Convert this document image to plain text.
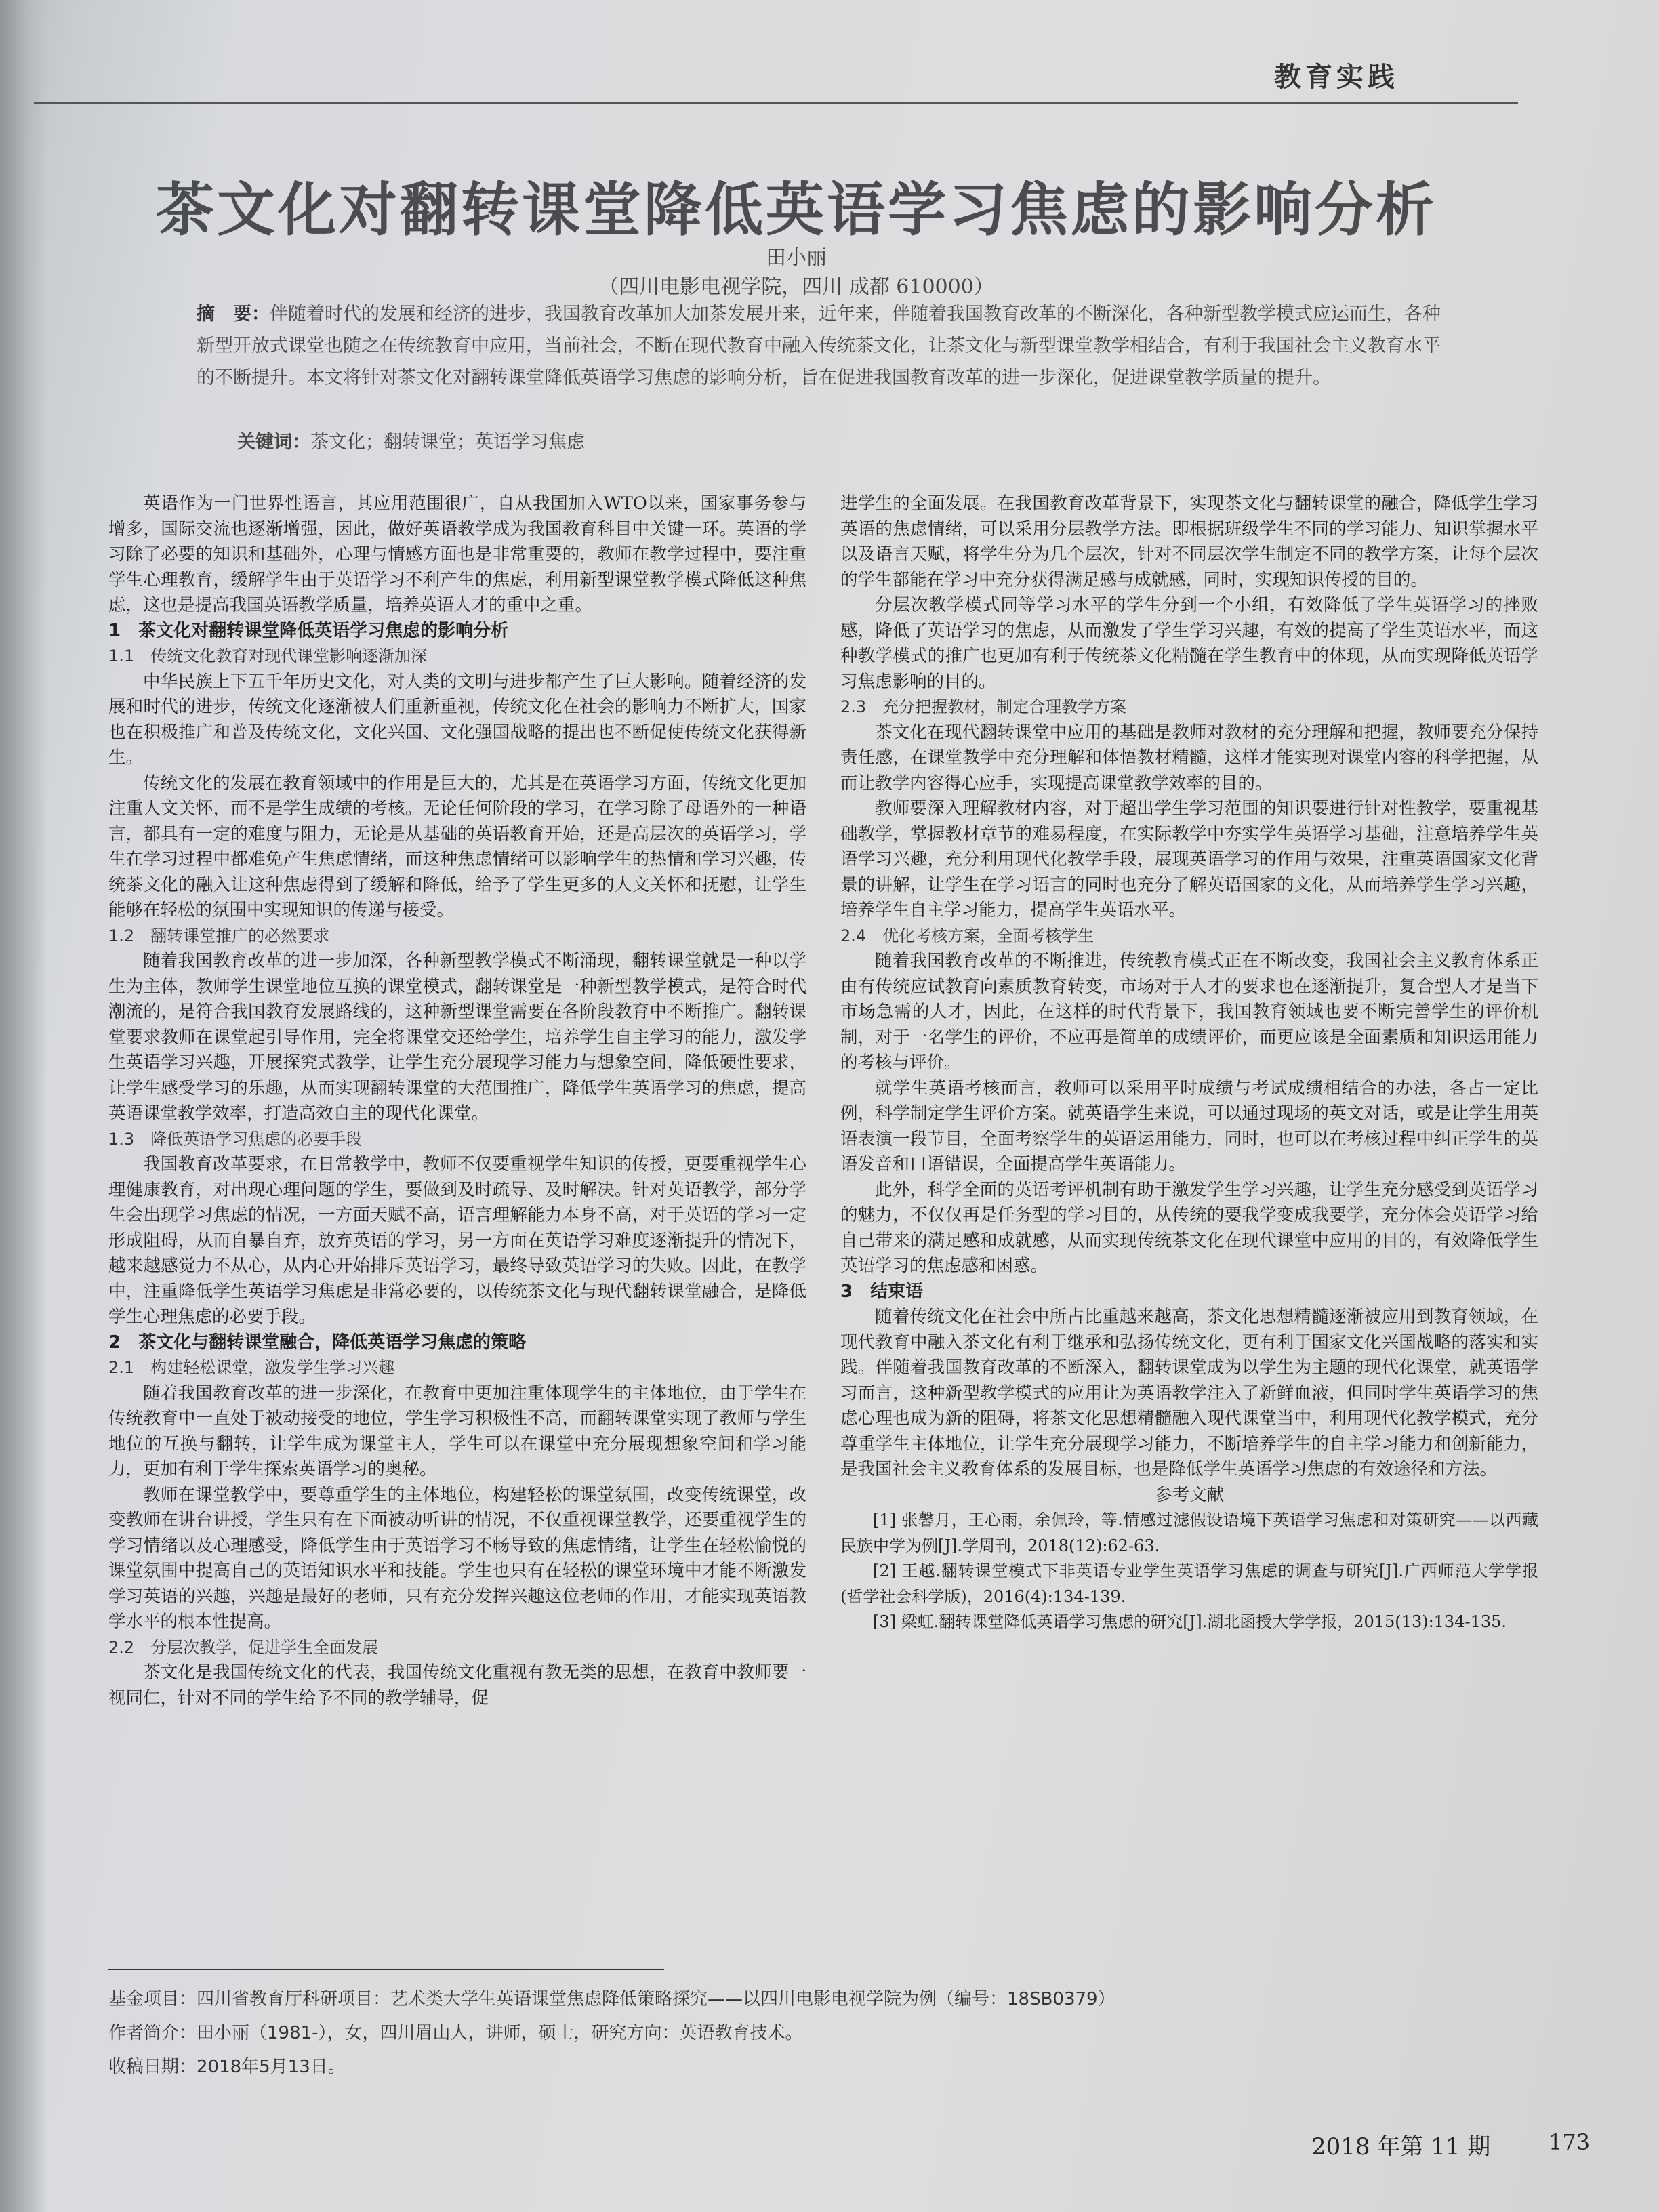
教育实践
茶文化对翻转课堂降低英语学习焦虑的影响分析
田小丽
（四川电影电视学院，四川 成都 610000）
摘　要：伴随着时代的发展和经济的进步，我国教育改革加大加茶发展开来，近年来，伴随着我国教育改革的不断深化，各种新型教学模式应运而生，各种新型开放式课堂也随之在传统教育中应用，当前社会，不断在现代教育中融入传统茶文化，让茶文化与新型课堂教学相结合，有利于我国社会主义教育水平的不断提升。本文将针对茶文化对翻转课堂降低英语学习焦虑的影响分析，旨在促进我国教育改革的进一步深化，促进课堂教学质量的提升。
关键词：茶文化；翻转课堂；英语学习焦虑

英语作为一门世界性语言，其应用范围很广，自从我国加入WTO以来，国家事务参与增多，国际交流也逐渐增强，因此，做好英语教学成为我国教育科目中关键一环。英语的学习除了必要的知识和基础外，心理与情感方面也是非常重要的，教师在教学过程中，要注重学生心理教育，缓解学生由于英语学习不利产生的焦虑，利用新型课堂教学模式降低这种焦虑，这也是提高我国英语教学质量，培养英语人才的重中之重。

1　茶文化对翻转课堂降低英语学习焦虑的影响分析
1.1　传统文化教育对现代课堂影响逐渐加深

中华民族上下五千年历史文化，对人类的文明与进步都产生了巨大影响。随着经济的发展和时代的进步，传统文化逐渐被人们重新重视，传统文化在社会的影响力不断扩大，国家也在积极推广和普及传统文化，文化兴国、文化强国战略的提出也不断促使传统文化获得新生。

传统文化的发展在教育领域中的作用是巨大的，尤其是在英语学习方面，传统文化更加注重人文关怀，而不是学生成绩的考核。无论任何阶段的学习，在学习除了母语外的一种语言，都具有一定的难度与阻力，无论是从基础的英语教育开始，还是高层次的英语学习，学生在学习过程中都难免产生焦虑情绪，而这种焦虑情绪可以影响学生的热情和学习兴趣，传统茶文化的融入让这种焦虑得到了缓解和降低，给予了学生更多的人文关怀和抚慰，让学生能够在轻松的氛围中实现知识的传递与接受。

1.2　翻转课堂推广的必然要求

随着我国教育改革的进一步加深，各种新型教学模式不断涌现，翻转课堂就是一种以学生为主体，教师学生课堂地位互换的课堂模式，翻转课堂是一种新型教学模式，是符合时代潮流的，是符合我国教育发展路线的，这种新型课堂需要在各阶段教育中不断推广。翻转课堂要求教师在课堂起引导作用，完全将课堂交还给学生，培养学生自主学习的能力，激发学生英语学习兴趣，开展探究式教学，让学生充分展现学习能力与想象空间，降低硬性要求，让学生感受学习的乐趣，从而实现翻转课堂的大范围推广，降低学生英语学习的焦虑，提高英语课堂教学效率，打造高效自主的现代化课堂。

1.3　降低英语学习焦虑的必要手段

我国教育改革要求，在日常教学中，教师不仅要重视学生知识的传授，更要重视学生心理健康教育，对出现心理问题的学生，要做到及时疏导、及时解决。针对英语教学，部分学生会出现学习焦虑的情况，一方面天赋不高，语言理解能力本身不高，对于英语的学习一定形成阻碍，从而自暴自弃，放弃英语的学习，另一方面在英语学习难度逐渐提升的情况下，越来越感觉力不从心，从内心开始排斥英语学习，最终导致英语学习的失败。因此，在教学中，注重降低学生英语学习焦虑是非常必要的，以传统茶文化与现代翻转课堂融合，是降低学生心理焦虑的必要手段。

2　茶文化与翻转课堂融合，降低英语学习焦虑的策略
2.1　构建轻松课堂，激发学生学习兴趣

随着我国教育改革的进一步深化，在教育中更加注重体现学生的主体地位，由于学生在传统教育中一直处于被动接受的地位，学生学习积极性不高，而翻转课堂实现了教师与学生地位的互换与翻转，让学生成为课堂主人，学生可以在课堂中充分展现想象空间和学习能力，更加有利于学生探索英语学习的奥秘。

教师在课堂教学中，要尊重学生的主体地位，构建轻松的课堂氛围，改变传统课堂，改变教师在讲台讲授，学生只有在下面被动听讲的情况，不仅重视课堂教学，还要重视学生的学习情绪以及心理感受，降低学生由于英语学习不畅导致的焦虑情绪，让学生在轻松愉悦的课堂氛围中提高自己的英语知识水平和技能。学生也只有在轻松的课堂环境中才能不断激发学习英语的兴趣，兴趣是最好的老师，只有充分发挥兴趣这位老师的作用，才能实现英语教学水平的根本性提高。

2.2　分层次教学，促进学生全面发展

茶文化是我国传统文化的代表，我国传统文化重视有教无类的思想，在教育中教师要一视同仁，针对不同的学生给予不同的教学辅导，促

进学生的全面发展。在我国教育改革背景下，实现茶文化与翻转课堂的融合，降低学生学习英语的焦虑情绪，可以采用分层教学方法。即根据班级学生不同的学习能力、知识掌握水平以及语言天赋，将学生分为几个层次，针对不同层次学生制定不同的教学方案，让每个层次的学生都能在学习中充分获得满足感与成就感，同时，实现知识传授的目的。

分层次教学模式同等学习水平的学生分到一个小组，有效降低了学生英语学习的挫败感，降低了英语学习的焦虑，从而激发了学生学习兴趣，有效的提高了学生英语水平，而这种教学模式的推广也更加有利于传统茶文化精髓在学生教育中的体现，从而实现降低英语学习焦虑影响的目的。

2.3　充分把握教材，制定合理教学方案

茶文化在现代翻转课堂中应用的基础是教师对教材的充分理解和把握，教师要充分保持责任感，在课堂教学中充分理解和体悟教材精髓，这样才能实现对课堂内容的科学把握，从而让教学内容得心应手，实现提高课堂教学效率的目的。

教师要深入理解教材内容，对于超出学生学习范围的知识要进行针对性教学，要重视基础教学，掌握教材章节的难易程度，在实际教学中夯实学生英语学习基础，注意培养学生英语学习兴趣，充分利用现代化教学手段，展现英语学习的作用与效果，注重英语国家文化背景的讲解，让学生在学习语言的同时也充分了解英语国家的文化，从而培养学生学习兴趣，培养学生自主学习能力，提高学生英语水平。

2.4　优化考核方案，全面考核学生

随着我国教育改革的不断推进，传统教育模式正在不断改变，我国社会主义教育体系正由有传统应试教育向素质教育转变，市场对于人才的要求也在逐渐提升，复合型人才是当下市场急需的人才，因此，在这样的时代背景下，我国教育领域也要不断完善学生的评价机制，对于一名学生的评价，不应再是简单的成绩评价，而更应该是全面素质和知识运用能力的考核与评价。

就学生英语考核而言，教师可以采用平时成绩与考试成绩相结合的办法，各占一定比例，科学制定学生评价方案。就英语学生来说，可以通过现场的英文对话，或是让学生用英语表演一段节目，全面考察学生的英语运用能力，同时，也可以在考核过程中纠正学生的英语发音和口语错误，全面提高学生英语能力。

此外，科学全面的英语考评机制有助于激发学生学习兴趣，让学生充分感受到英语学习的魅力，不仅仅再是任务型的学习目的，从传统的要我学变成我要学，充分体会英语学习给自己带来的满足感和成就感，从而实现传统茶文化在现代课堂中应用的目的，有效降低学生英语学习的焦虑感和困惑。

3　结束语

随着传统文化在社会中所占比重越来越高，茶文化思想精髓逐渐被应用到教育领域，在现代教育中融入茶文化有利于继承和弘扬传统文化，更有利于国家文化兴国战略的落实和实践。伴随着我国教育改革的不断深入，翻转课堂成为以学生为主题的现代化课堂，就英语学习而言，这种新型教学模式的应用让为英语教学注入了新鲜血液，但同时学生英语学习的焦虑心理也成为新的阻碍，将茶文化思想精髓融入现代课堂当中，利用现代化教学模式，充分尊重学生主体地位，让学生充分展现学习能力，不断培养学生的自主学习能力和创新能力，是我国社会主义教育体系的发展目标，也是降低学生英语学习焦虑的有效途径和方法。

参考文献

[1] 张馨月，王心雨，余佩玲，等.情感过滤假设语境下英语学习焦虑和对策研究——以西藏民族中学为例[J].学周刊，2018(12):62-63.

[2] 王越.翻转课堂模式下非英语专业学生英语学习焦虑的调查与研究[J].广西师范大学学报(哲学社会科学版)，2016(4):134-139.

[3] 梁虹.翻转课堂降低英语学习焦虑的研究[J].湖北函授大学学报，2015(13):134-135.

基金项目：四川省教育厅科研项目：艺术类大学生英语课堂焦虑降低策略探究——以四川电影电视学院为例（编号：18SB0379）
作者简介：田小丽（1981-），女，四川眉山人，讲师，硕士，研究方向：英语教育技术。
收稿日期：2018年5月13日。
2018 年第 11 期	173
